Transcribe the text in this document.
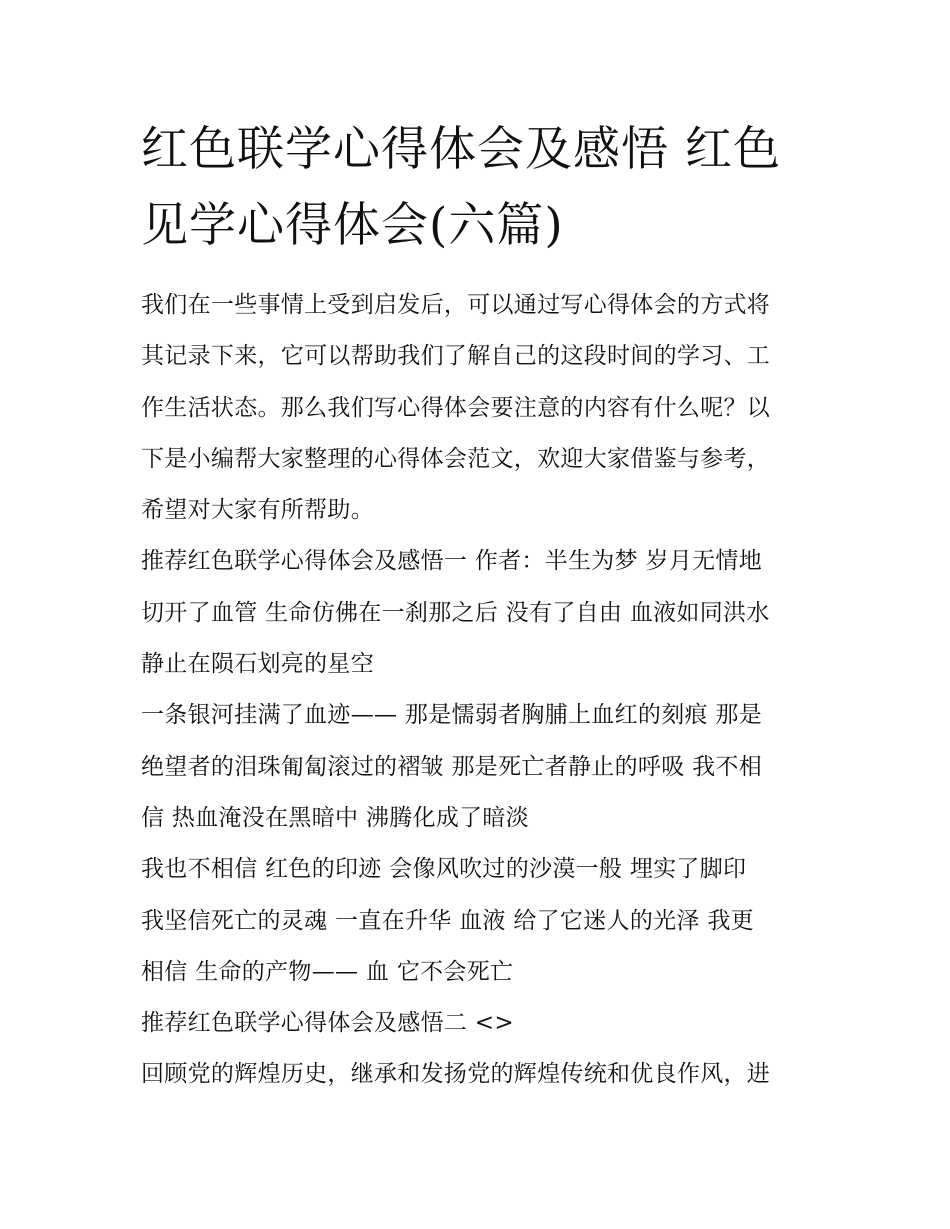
红色联学心得体会及感悟 红色
见学心得体会(六篇)
我们在一些事情上受到启发后，可以通过写心得体会的方式将
其记录下来，它可以帮助我们了解自己的这段时间的学习、工
作生活状态。那么我们写心得体会要注意的内容有什么呢？以
下是小编帮大家整理的心得体会范文，欢迎大家借鉴与参考，
希望对大家有所帮助。
推荐红色联学心得体会及感悟一 作者：半生为梦 岁月无情地
切开了血管 生命仿佛在一刹那之后 没有了自由 血液如同洪水
静止在陨石划亮的星空
一条银河挂满了血迹—— 那是懦弱者胸脯上血红的刻痕 那是
绝望者的泪珠匍匐滚过的褶皱 那是死亡者静止的呼吸 我不相
信 热血淹没在黑暗中 沸腾化成了暗淡
我也不相信 红色的印迹 会像风吹过的沙漠一般 埋实了脚印
我坚信死亡的灵魂 一直在升华 血液 给了它迷人的光泽 我更
相信 生命的产物—— 血 它不会死亡
推荐红色联学心得体会及感悟二 <>
回顾党的辉煌历史，继承和发扬党的辉煌传统和优良作风，进
